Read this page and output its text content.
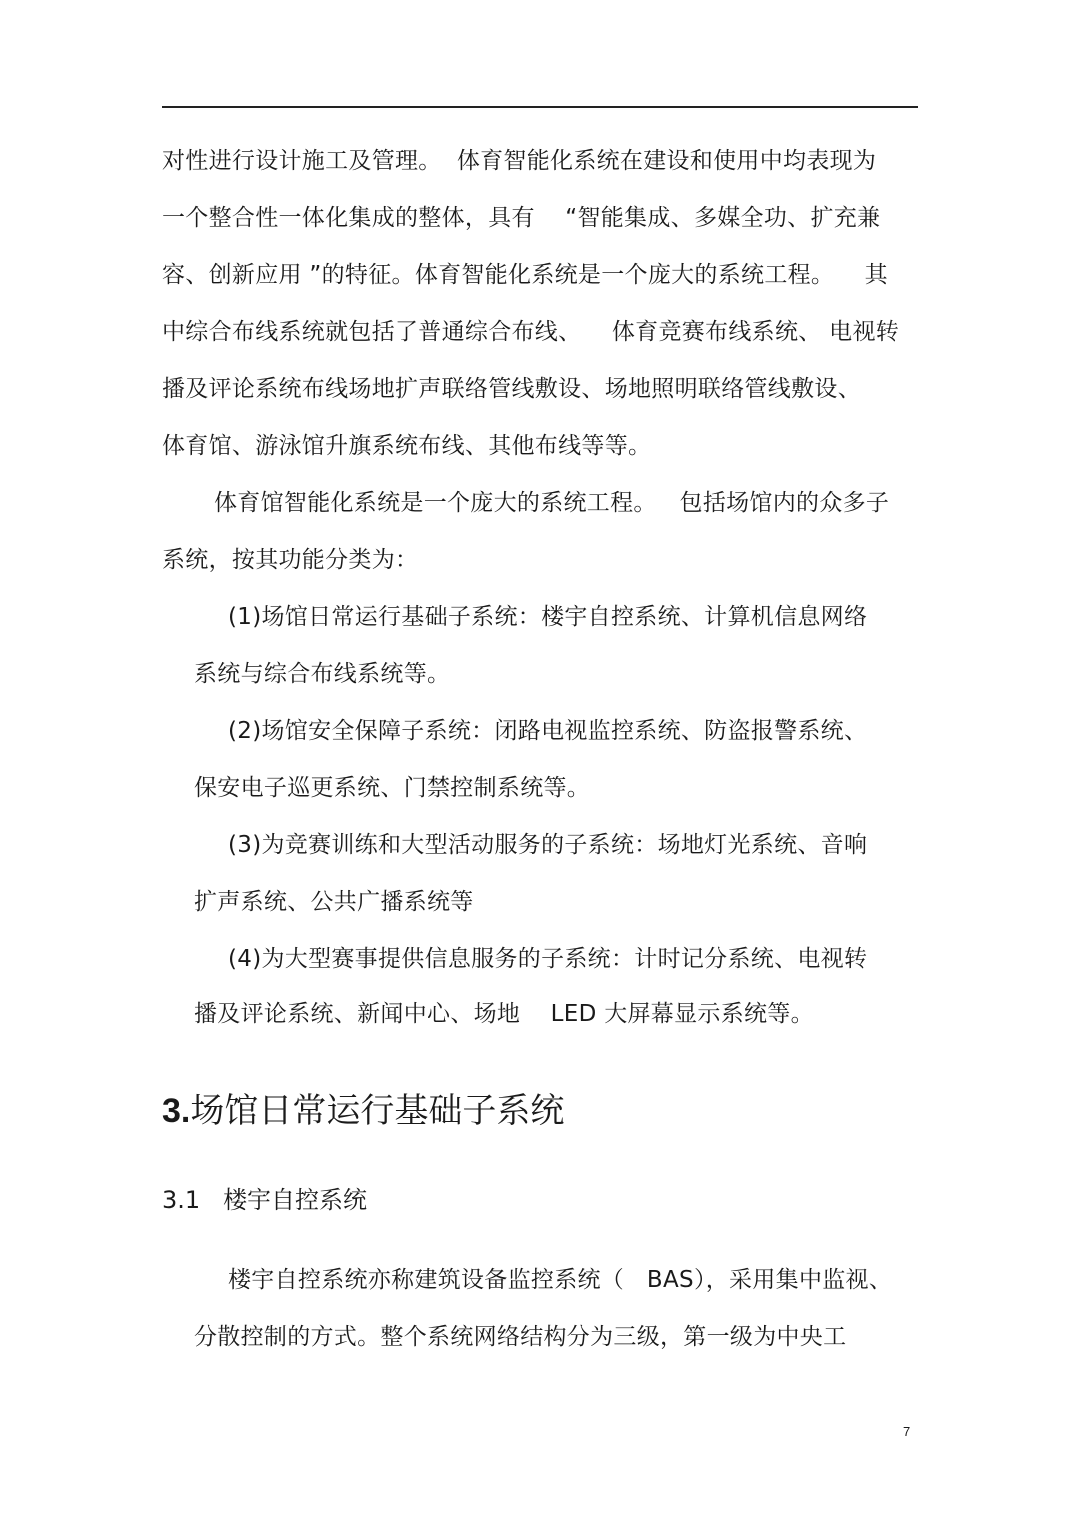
对性进行设计施工及管理。  体育智能化系统在建设和使用中均表现为
一个整合性一体化集成的整体，具有    “智能集成、多媒全功、扩充兼
容、创新应用 ”的特征。体育智能化系统是一个庞大的系统工程。    其
中综合布线系统就包括了普通综合布线、    体育竞赛布线系统、 电视转
播及评论系统布线场地扩声联络管线敷设、场地照明联络管线敷设、
体育馆、游泳馆升旗系统布线、其他布线等等。
体育馆智能化系统是一个庞大的系统工程。   包括场馆内的众多子
系统，按其功能分类为：
(1)场馆日常运行基础子系统：楼宇自控系统、计算机信息网络
系统与综合布线系统等。
(2)场馆安全保障子系统：闭路电视监控系统、防盗报警系统、
保安电子巡更系统、门禁控制系统等。
(3)为竞赛训练和大型活动服务的子系统：场地灯光系统、音响
扩声系统、公共广播系统等
(4)为大型赛事提供信息服务的子系统：计时记分系统、电视转
播及评论系统、新闻中心、场地    LED 大屏幕显示系统等。
3.场馆日常运行基础子系统
3.1 楼宇自控系统
楼宇自控系统亦称建筑设备监控系统（   BAS），采用集中监视、
分散控制的方式。整个系统网络结构分为三级，第一级为中央工
7
